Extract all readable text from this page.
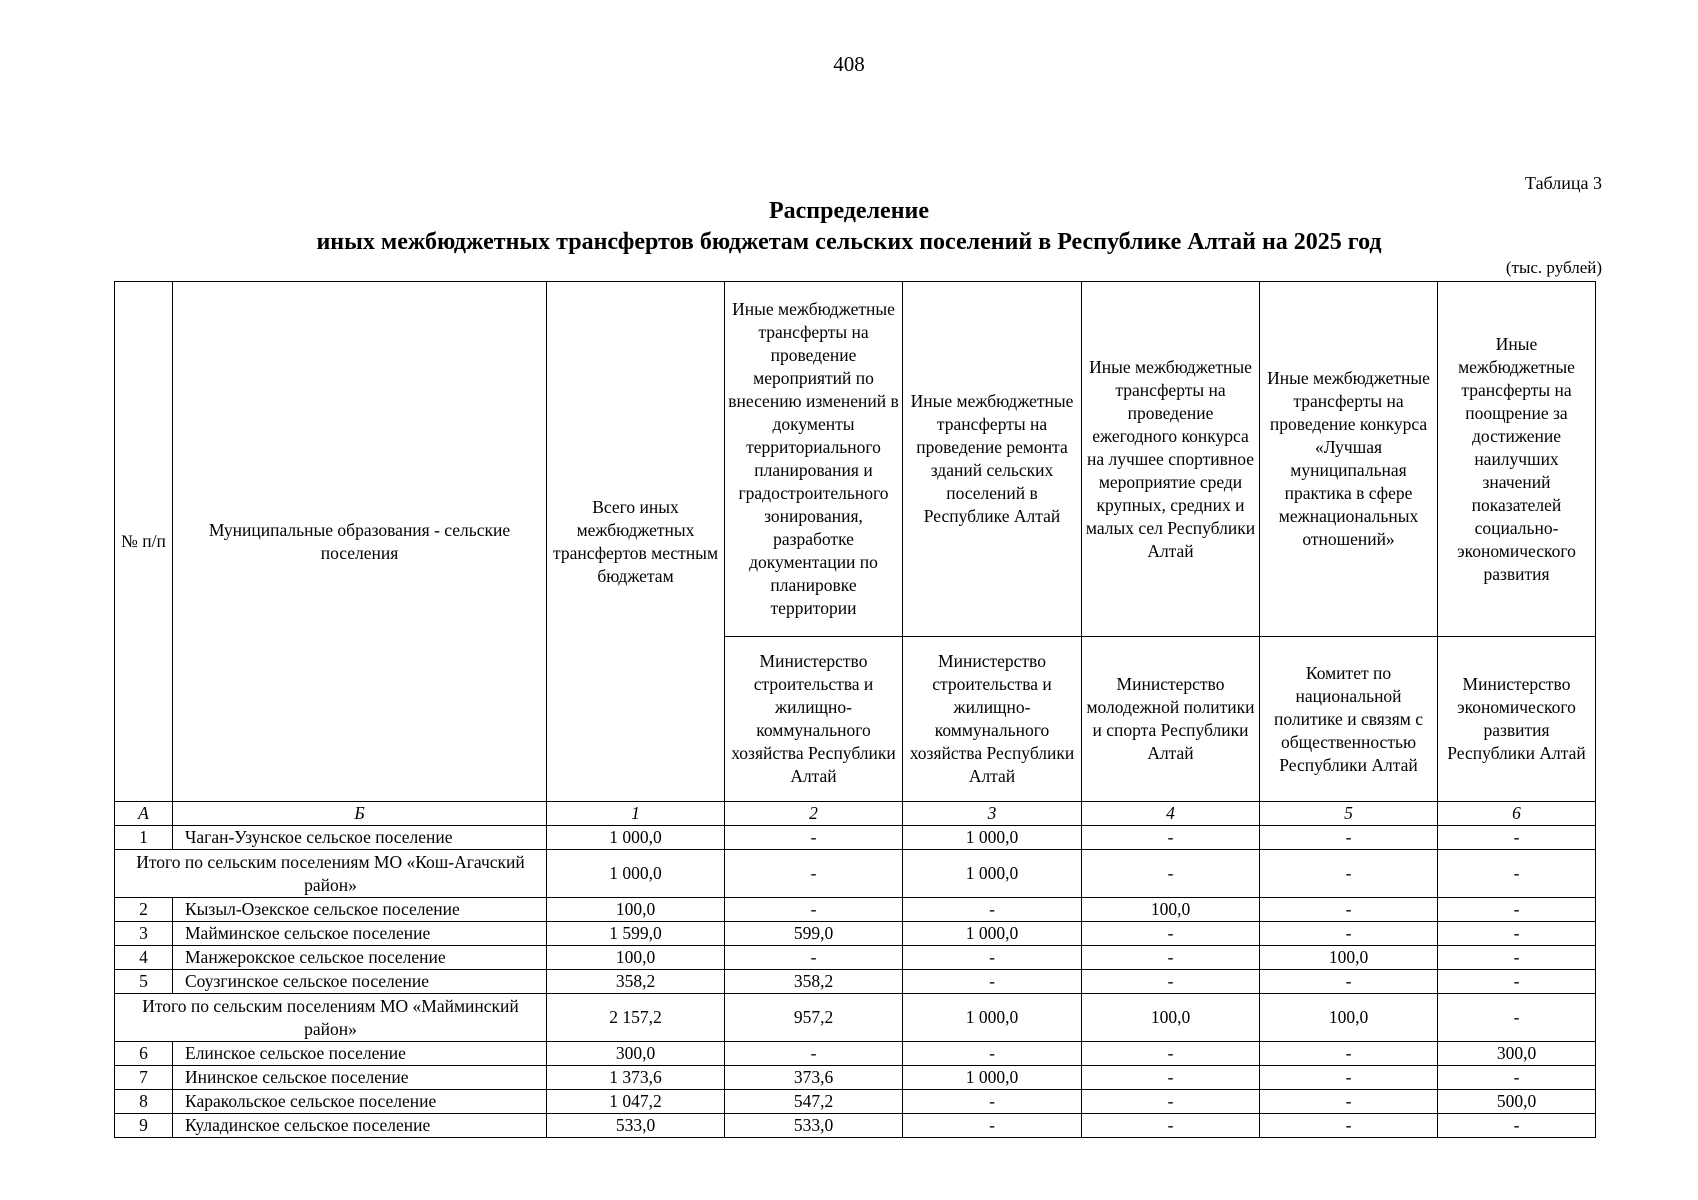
408
Таблица 3
Распределение
иных межбюджетных трансфертов бюджетам сельских поселений в Республике Алтай на 2025 год
(тыс. рублей)
№ п/п	Муниципальные образования - сельские поселения	Всего иных межбюджетных трансфертов местным бюджетам	Иные межбюджетные трансферты на проведение мероприятий по внесению изменений в документы территориального планирования и градостроительного зонирования, разработке документации по планировке территории	Иные межбюджетные трансферты на проведение ремонта зданий сельских поселений в Республике Алтай	Иные межбюджетные трансферты на проведение ежегодного конкурса на лучшее спортивное мероприятие среди крупных, средних и малых сел Республики Алтай	Иные межбюджетные трансферты на проведение конкурса «Лучшая муниципальная практика в сфере межнациональных отношений»	Иные межбюджетные трансферты на поощрение за достижение наилучших значений показателей социально-экономического развития
			Министерство строительства и жилищно-коммунального хозяйства Республики Алтай	Министерство строительства и жилищно-коммунального хозяйства Республики Алтай	Министерство молодежной политики и спорта Республики Алтай	Комитет по национальной политике и связям с общественностью Республики Алтай	Министерство экономического развития Республики Алтай
А	Б	1	2	3	4	5	6
1	Чаган-Узунское сельское поселение	1 000,0	-	1 000,0	-	-	-
Итого по сельским поселениям МО «Кош-Агачский район»		1 000,0	-	1 000,0	-	-	-
2	Кызыл-Озекское сельское поселение	100,0	-	-	100,0	-	-
3	Майминское сельское поселение	1 599,0	599,0	1 000,0	-	-	-
4	Манжерокское сельское поселение	100,0	-	-	-	100,0	-
5	Соузгинское сельское поселение	358,2	358,2	-	-	-	-
Итого по сельским поселениям МО «Майминский район»		2 157,2	957,2	1 000,0	100,0	100,0	-
6	Елинское сельское поселение	300,0	-	-	-	-	300,0
7	Ининское сельское поселение	1 373,6	373,6	1 000,0	-	-	-
8	Каракольское сельское поселение	1 047,2	547,2	-	-	-	500,0
9	Куладинское сельское поселение	533,0	533,0	-	-	-	-
